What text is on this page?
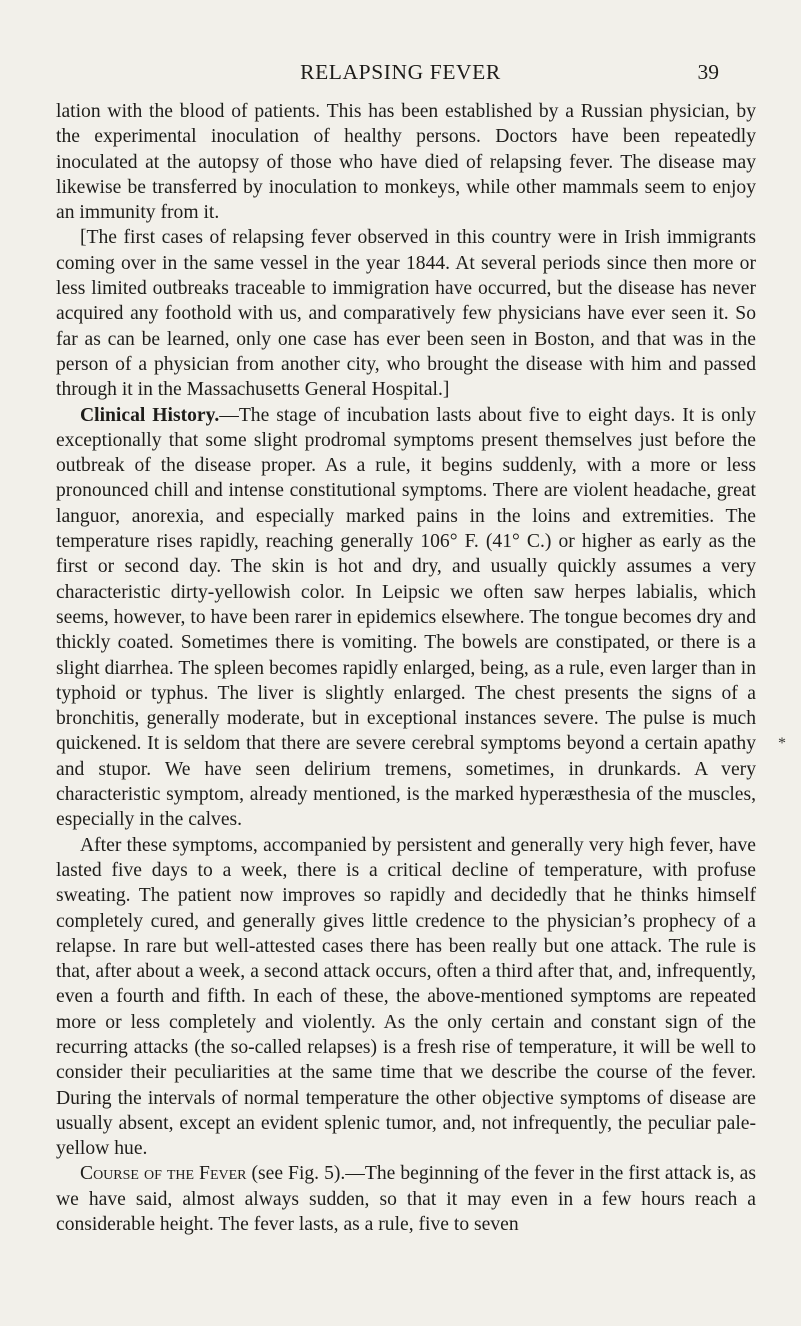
RELAPSING FEVER	39

lation with the blood of patients. This has been established by a Russian physician, by the experimental inoculation of healthy persons. Doctors have been repeatedly inoculated at the autopsy of those who have died of relapsing fever. The disease may likewise be transferred by inoculation to monkeys, while other mammals seem to enjoy an immunity from it.

[The first cases of relapsing fever observed in this country were in Irish immigrants coming over in the same vessel in the year 1844. At several periods since then more or less limited outbreaks traceable to immigration have occurred, but the disease has never acquired any foothold with us, and comparatively few physicians have ever seen it. So far as can be learned, only one case has ever been seen in Boston, and that was in the person of a physician from another city, who brought the disease with him and passed through it in the Massachusetts General Hospital.]

Clinical History.—The stage of incubation lasts about five to eight days. It is only exceptionally that some slight prodromal symptoms present themselves just before the outbreak of the disease proper. As a rule, it begins suddenly, with a more or less pronounced chill and intense constitutional symptoms. There are violent headache, great languor, anorexia, and especially marked pains in the loins and extremities. The temperature rises rapidly, reaching generally 106° F. (41° C.) or higher as early as the first or second day. The skin is hot and dry, and usually quickly assumes a very characteristic dirty-yellowish color. In Leipsic we often saw herpes labialis, which seems, however, to have been rarer in epidemics elsewhere. The tongue becomes dry and thickly coated. Sometimes there is vomiting. The bowels are constipated, or there is a slight diarrhea. The spleen becomes rapidly enlarged, being, as a rule, even larger than in typhoid or typhus. The liver is slightly enlarged. The chest presents the signs of a bronchitis, generally moderate, but in exceptional instances severe. The pulse is much quickened. It is seldom that there are severe cerebral symptoms beyond a certain apathy and stupor. We have seen delirium tremens, sometimes, in drunkards. A very characteristic symptom, already mentioned, is the marked hyperæsthesia of the muscles, especially in the calves.

After these symptoms, accompanied by persistent and generally very high fever, have lasted five days to a week, there is a critical decline of temperature, with profuse sweating. The patient now improves so rapidly and decidedly that he thinks himself completely cured, and generally gives little credence to the physician’s prophecy of a relapse. In rare but well-attested cases there has been really but one attack. The rule is that, after about a week, a second attack occurs, often a third after that, and, infrequently, even a fourth and fifth. In each of these, the above-mentioned symptoms are repeated more or less completely and violently. As the only certain and constant sign of the recurring attacks (the so-called relapses) is a fresh rise of temperature, it will be well to consider their peculiarities at the same time that we describe the course of the fever. During the intervals of normal temperature the other objective symptoms of disease are usually absent, except an evident splenic tumor, and, not infrequently, the peculiar pale-yellow hue.

Course of the Fever (see Fig. 5).—The beginning of the fever in the first attack is, as we have said, almost always sudden, so that it may even in a few hours reach a considerable height. The fever lasts, as a rule, five to seven

*
